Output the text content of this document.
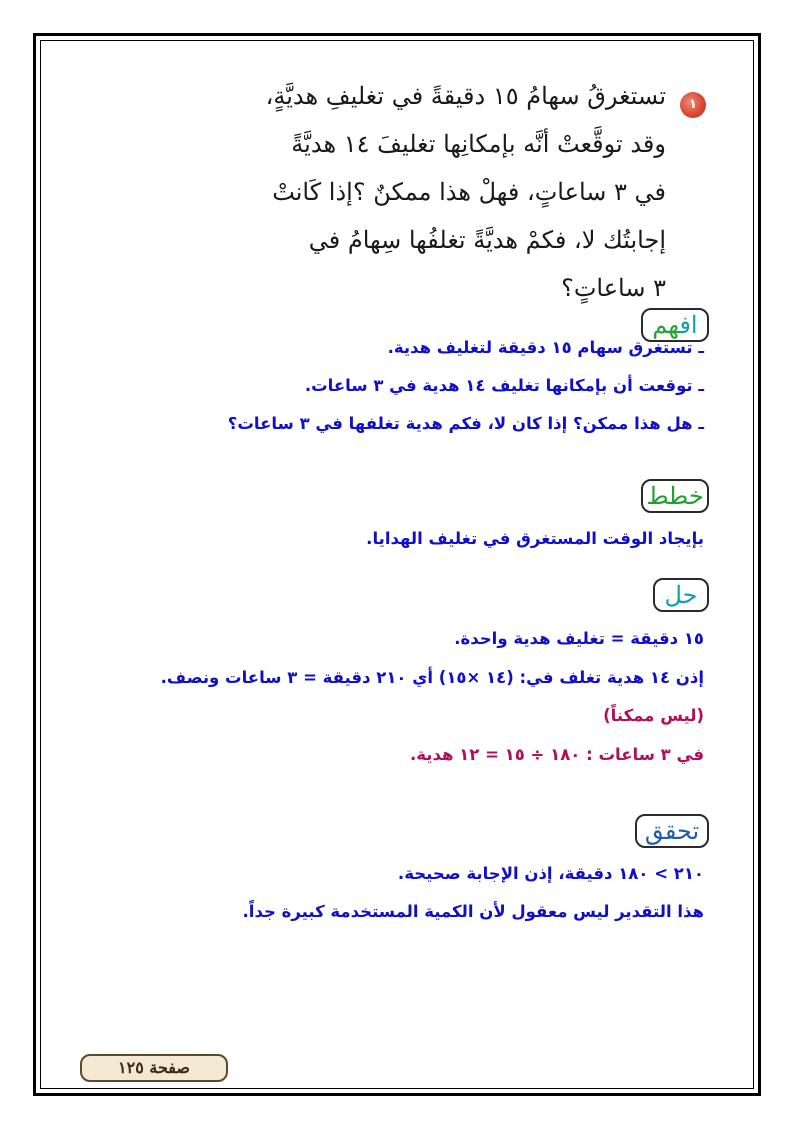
١
تستغرقُ سهامُ ١٥ دقيقةً في تغليفِ هديَّةٍ،
وقد توقَّعتْ أنَّه بإمكانِها تغليفَ ١٤ هديَّةً
في ٣ ساعاتٍ، فهلْ هذا ممكنٌ ؟إذا كَانتْ
إجابتُك لا، فكمْ هديَّةً تغلفُها سِهامُ في
٣ ساعاتٍ؟
افهم
ـ تستغرق سهام ١٥ دقيقة لتغليف هدية.
ـ توقعت أن بإمكانها تغليف ١٤ هدية في ٣ ساعات.
ـ هل هذا ممكن؟ إذا كان لا، فكم هدية تغلفها في ٣ ساعات؟
خطط
بإيجاد الوقت المستغرق في تغليف الهدايا.
حل
١٥ دقيقة = تغليف هدية واحدة.
إذن ١٤ هدية تغلف في: (١٤ ×١٥) أي ٢١٠ دقيقة = ٣ ساعات ونصف.
(ليس ممكناً)
في ٣ ساعات : ١٨٠ ÷ ١٥ = ١٢ هدية.
تحقق
٢١٠ > ١٨٠ دقيقة، إذن الإجابة صحيحة.
هذا التقدير ليس معقول لأن الكمية المستخدمة كبيرة جداً.
صفحة ١٢٥
